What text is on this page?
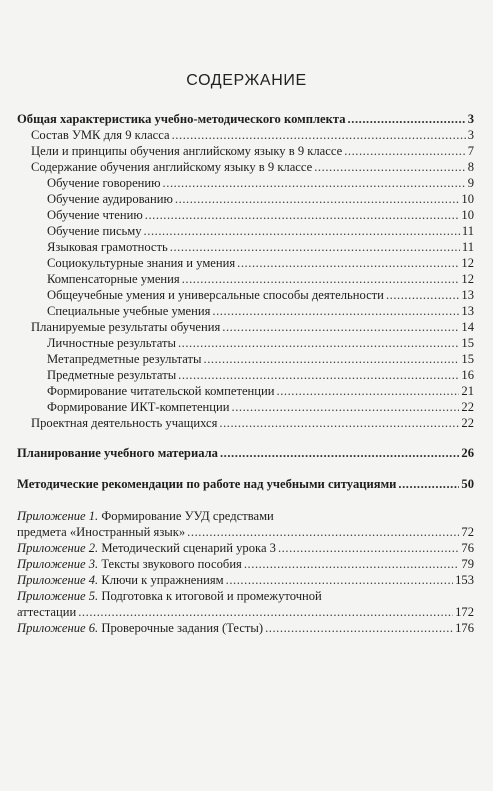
СОДЕРЖАНИЕ
Общая характеристика учебно-методического комплекта . . .	3
Состав УМК для 9 класса . . .	3
Цели и принципы обучения английскому языку в 9 классе . . .	7
Содержание обучения английскому языку в 9 классе . . .	8
Обучение говорению . . .	9
Обучение аудированию . . .	10
Обучение чтению . . .	10
Обучение письму . . .	11
Языковая грамотность . . .	11
Социокультурные знания и умения . . .	12
Компенсаторные умения . . .	12
Общеучебные умения и универсальные способы деятельности . . .	13
Специальные учебные умения . . .	13
Планируемые результаты обучения . . .	14
Личностные результаты . . .	15
Метапредметные результаты . . .	15
Предметные результаты . . .	16
Формирование читательской компетенции . . .	21
Формирование ИКТ-компетенции . . .	22
Проектная деятельность учащихся . . .	22
Планирование учебного материала . . .	26
Методические рекомендации по работе над учебными ситуациями . . .	50
Приложение 1. Формирование УУД средствами
предмета «Иностранный язык» . . .	72
Приложение 2. Методический сценарий урока 3 . . .	76
Приложение 3. Тексты звукового пособия . . .	79
Приложение 4. Ключи к упражнениям . . .	153
Приложение 5. Подготовка к итоговой и промежуточной
аттестации . . .	172
Приложение 6. Проверочные задания (Тесты) . . .	176
